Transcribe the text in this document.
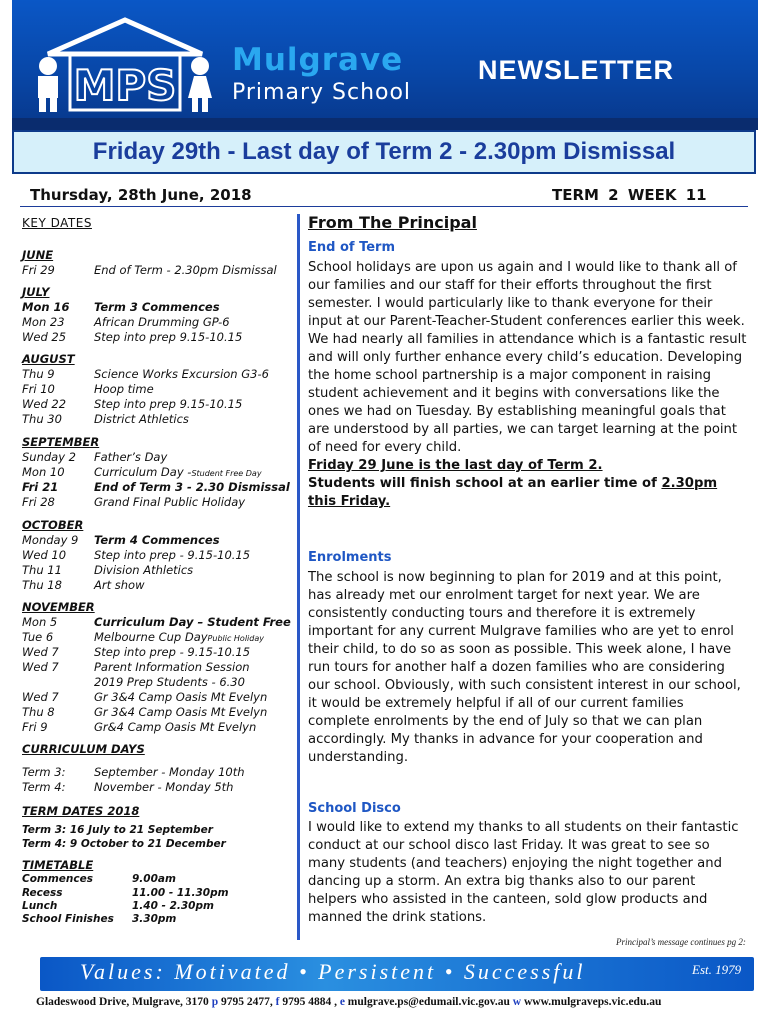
MPS
Mulgrave
Primary School
NEWSLETTER
Friday 29th - Last day of Term 2 - 2.30pm Dismissal
Thursday, 28th June, 2018	TERM 2 WEEK 11
KEY DATES
JUNE
Fri 29	End of Term - 2.30pm Dismissal
JULY
Mon 16 Term 3 Commences
Mon 23	African Drumming GP-6
Wed 25 Step into prep 9.15-10.15
AUGUST
Thu 9	Science Works Excursion G3-6
Fri 10	Hoop time
Wed 22 Step into prep 9.15-10.15
Thu 30	District Athletics
SEPTEMBER
Sunday 2 Father’s Day
Mon 10	Curriculum Day -Student Free Day
Fri 21	End of Term 3 - 2.30 Dismissal
Fri 28	Grand Final Public Holiday
OCTOBER
Monday 9 Term 4 Commences
Wed 10 Step into prep - 9.15-10.15
Thu 11	Division Athletics
Thu 18	Art show
NOVEMBER
Mon 5	Curriculum Day – Student Free
Tue 6	Melbourne Cup DayPublic Holiday
Wed 7	Step into prep - 9.15-10.15
Wed 7	Parent Information Session
2019 Prep Students - 6.30
Wed 7	Gr 3&4 Camp Oasis Mt Evelyn
Thu 8	Gr 3&4 Camp Oasis Mt Evelyn
Fri 9	Gr&4 Camp Oasis Mt Evelyn
CURRICULUM DAYS
Term 3: September - Monday 10th
Term 4: November - Monday 5th
TERM DATES 2018
Term 3: 16 July to 21 September
Term 4: 9 October to 21 December
TIMETABLE
Commences	9.00am
Recess	11.00 - 11.30pm
Lunch	1.40 - 2.30pm
School Finishes 3.30pm
From The Principal
End of Term
School holidays are upon us again and I would like to thank all of our families and our staff for their efforts throughout the first semester. I would particularly like to thank everyone for their input at our Parent-Teacher-Student conferences earlier this week. We had nearly all families in attendance which is a fantastic result and will only further enhance every child’s education. Developing the home school partnership is a major component in raising student achievement and it begins with conversations like the ones we had on Tuesday. By establishing meaningful goals that are understood by all parties, we can target learning at the point of need for every child.
Friday 29 June is the last day of Term 2.
Students will finish school at an earlier time of 2.30pm this Friday.
Enrolments
The school is now beginning to plan for 2019 and at this point, has already met our enrolment target for next year. We are consistently conducting tours and therefore it is extremely important for any current Mulgrave families who are yet to enrol their child, to do so as soon as possible. This week alone, I have run tours for another half a dozen families who are considering our school. Obviously, with such consistent interest in our school, it would be extremely helpful if all of our current families complete enrolments by the end of July so that we can plan accordingly. My thanks in advance for your cooperation and understanding.
School Disco
I would like to extend my thanks to all students on their fantastic conduct at our school disco last Friday. It was great to see so many students (and teachers) enjoying the night together and dancing up a storm. An extra big thanks also to our parent helpers who assisted in the canteen, sold glow products and manned the drink stations.
Principal’s message continues pg 2:
Values: Motivated • Persistent • Successful	Est. 1979
Gladeswood Drive, Mulgrave, 3170 p 9795 2477, f 9795 4884 , e mulgrave.ps@edumail.vic.gov.au w www.mulgraveps.vic.edu.au
